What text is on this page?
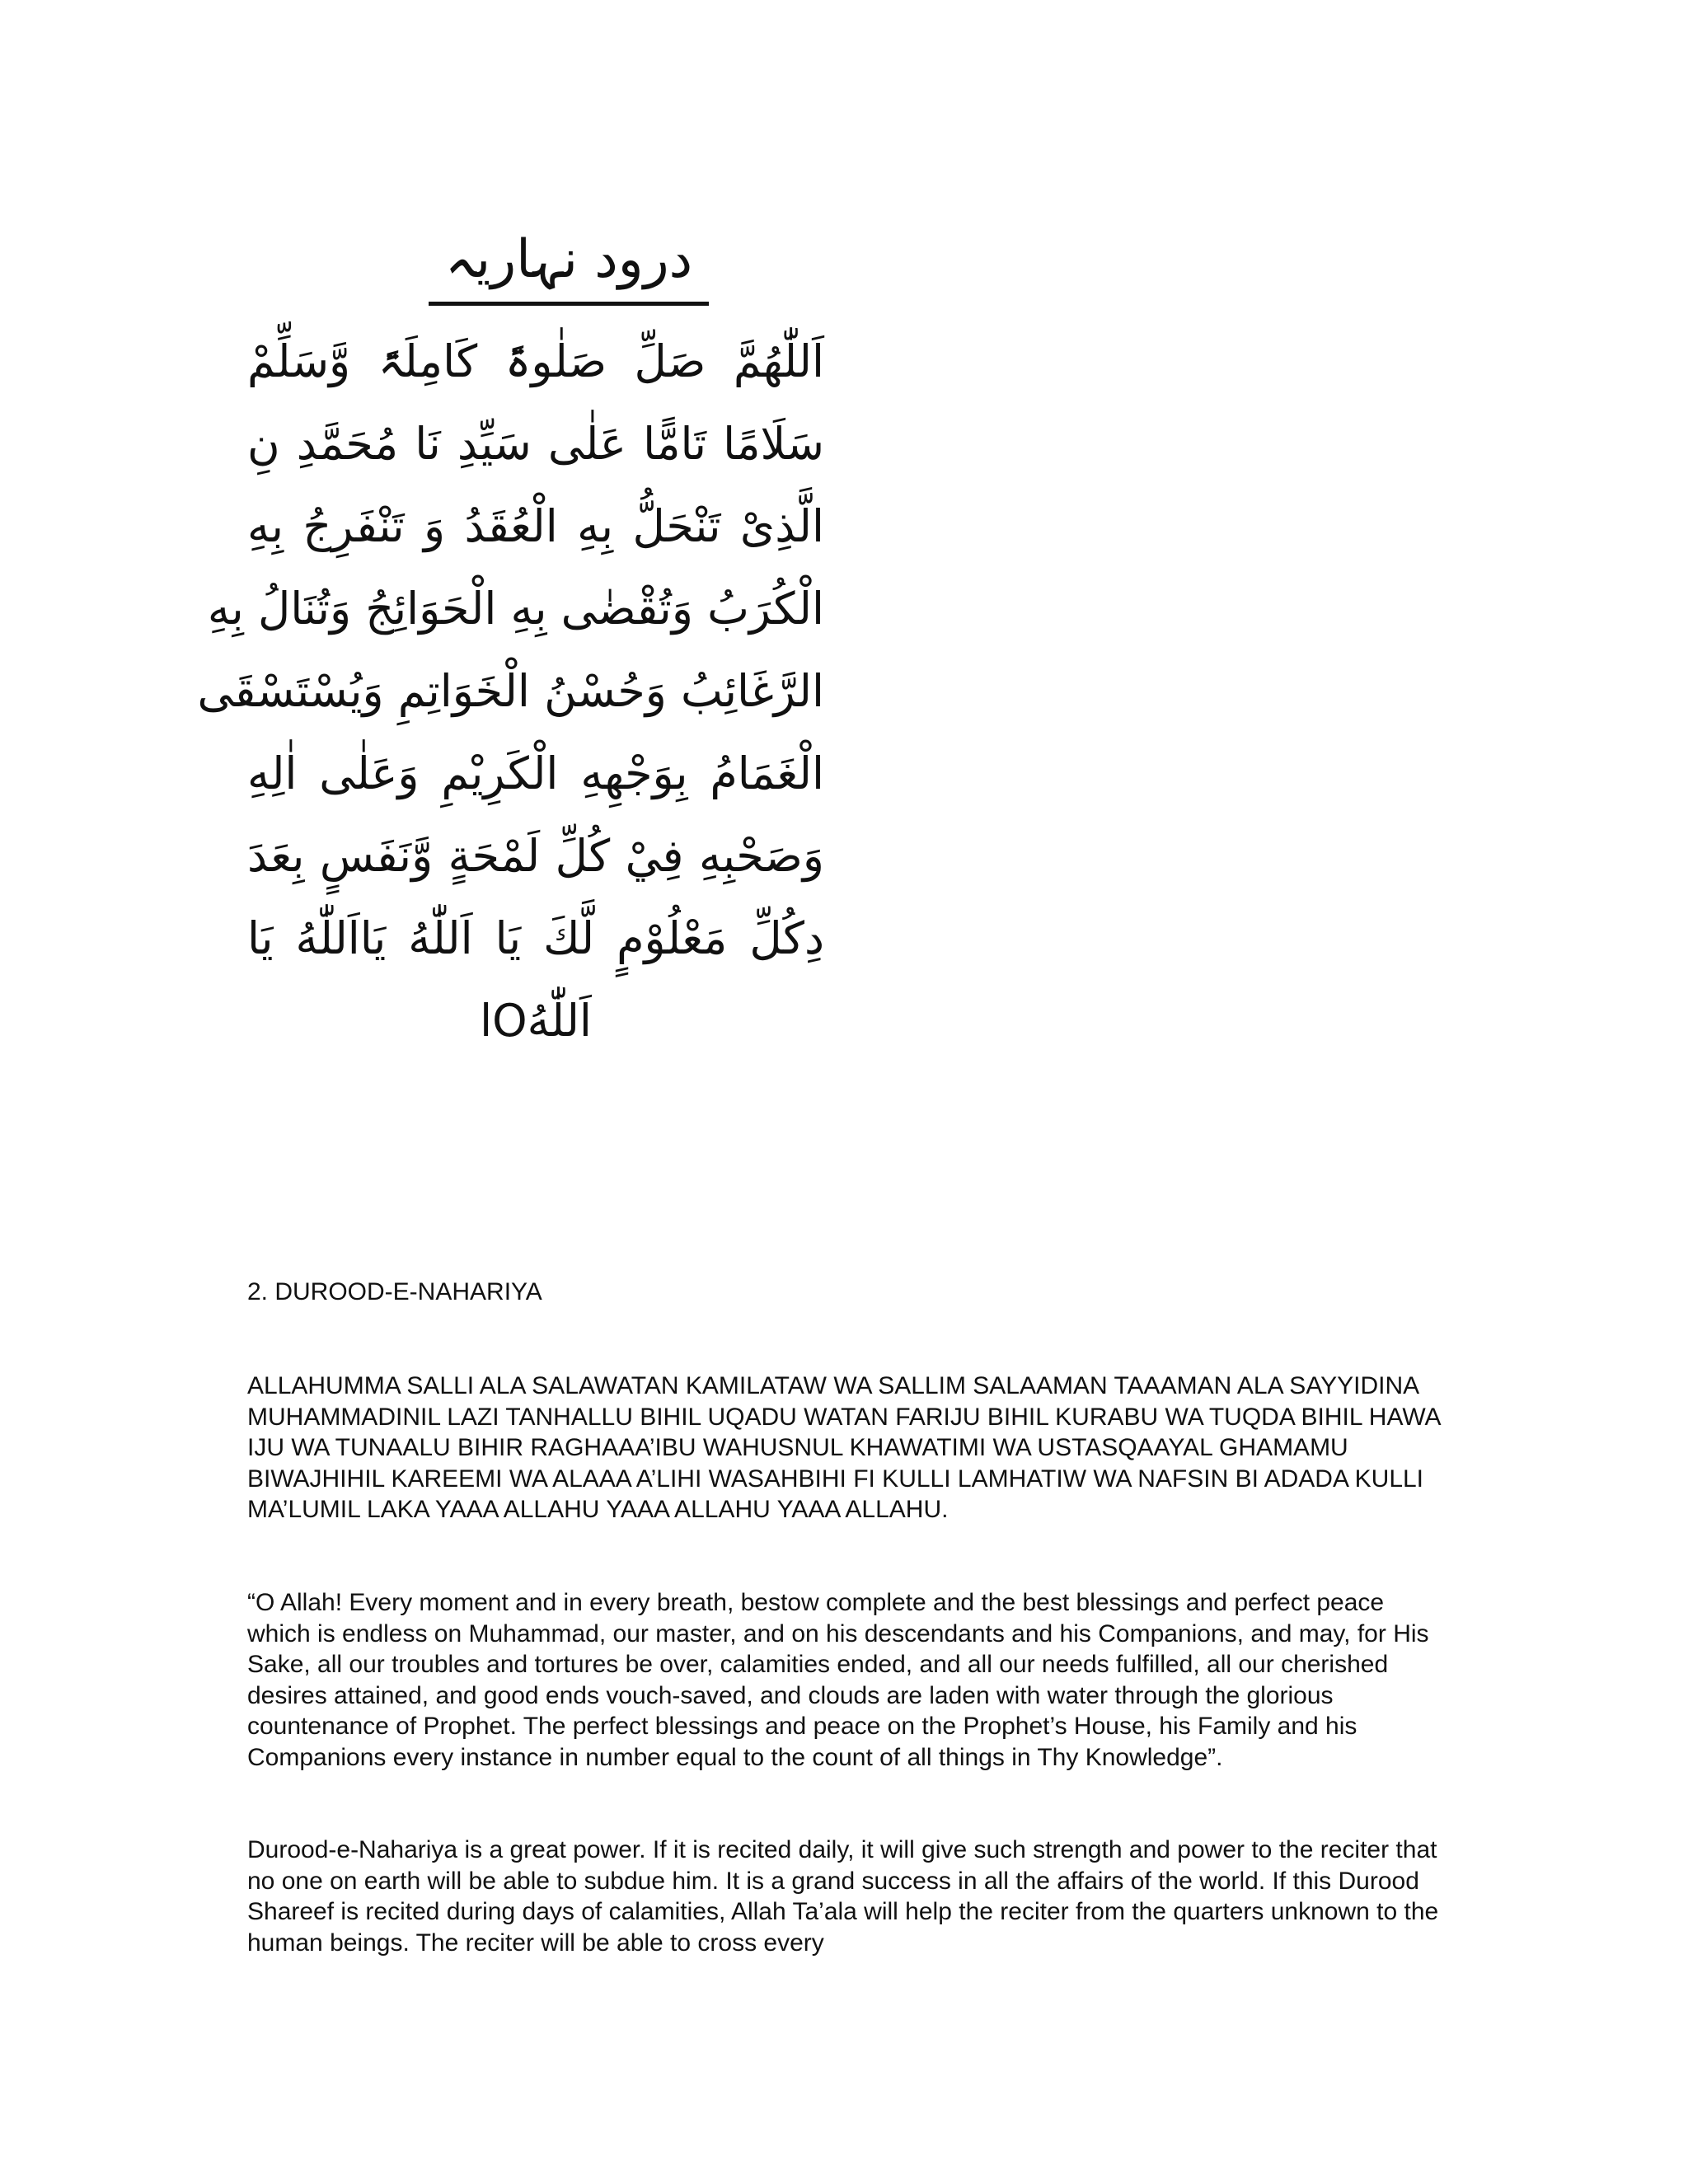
درود نہاریہ
اَللّٰھُمَّ صَلِّ صَلٰوۃً کَامِلَۃً وَّسَلِّمْ
سَلَامًا تَامًّا عَلٰی سَیِّدِ نَا مُحَمَّدِ نِ
الَّذِیْ تَنْحَلُّ بِهِ الْعُقَدُ وَ تَنْفَرِجُ بِهِ
الْكُرَبُ وَتُقْضٰى بِهِ الْحَوَائِجُ وَتُنَالُ بِهِ
الرَّغَائِبُ وَحُسْنُ الْخَوَاتِمِ وَيُسْتَسْقَى
الْغَمَامُ بِوَجْهِهِ الْكَرِيْمِ وَعَلٰى اٰلِهِ
وَصَحْبِهِ فِيْ كُلِّ لَمْحَةٍ وَّنَفَسٍ بِعَدَ
دِكُلِّ مَعْلُوْمٍ لَّكَ يَا اَللّٰهُ يَااَللّٰهُ يَا
اَللّٰهُOا
2. DUROOD-E-NAHARIYA

ALLAHUMMA SALLI ALA SALAWATAN KAMILATAW WA SALLIM SALAAMAN TAAAMAN ALA SAYYIDINA MUHAMMADINIL LAZI TANHALLU BIHIL UQADU WATAN FARIJU BIHIL KURABU WA TUQDA BIHIL HAWA IJU WA TUNAALU BIHIR RAGHAAA’IBU WAHUSNUL KHAWATIMI WA USTASQAAYAL GHAMAMU BIWAJHIHIL KAREEMI WA ALAAA A’LIHI WASAHBIHI FI KULLI LAMHATIW WA NAFSIN BI ADADA KULLI MA’LUMIL LAKA YAAA ALLAHU YAAA ALLAHU YAAA ALLAHU.

“O Allah! Every moment and in every breath, bestow complete and the best blessings and perfect peace which is endless on Muhammad, our master, and on his descendants and his Companions, and may, for His Sake, all our troubles and tortures be over, calamities ended, and all our needs fulfilled, all our cherished desires attained, and good ends vouch-saved, and clouds are laden with water through the glorious countenance of Prophet. The perfect blessings and peace on the Prophet’s House, his Family and his Companions every instance in number equal to the count of all things in Thy Knowledge”.

Durood-e-Nahariya is a great power. If it is recited daily, it will give such strength and power to the reciter that no one on earth will be able to subdue him. It is a grand success in all the affairs of the world. If this Durood Shareef is recited during days of calamities, Allah Ta’ala will help the reciter from the quarters unknown to the human beings. The reciter will be able to cross every
